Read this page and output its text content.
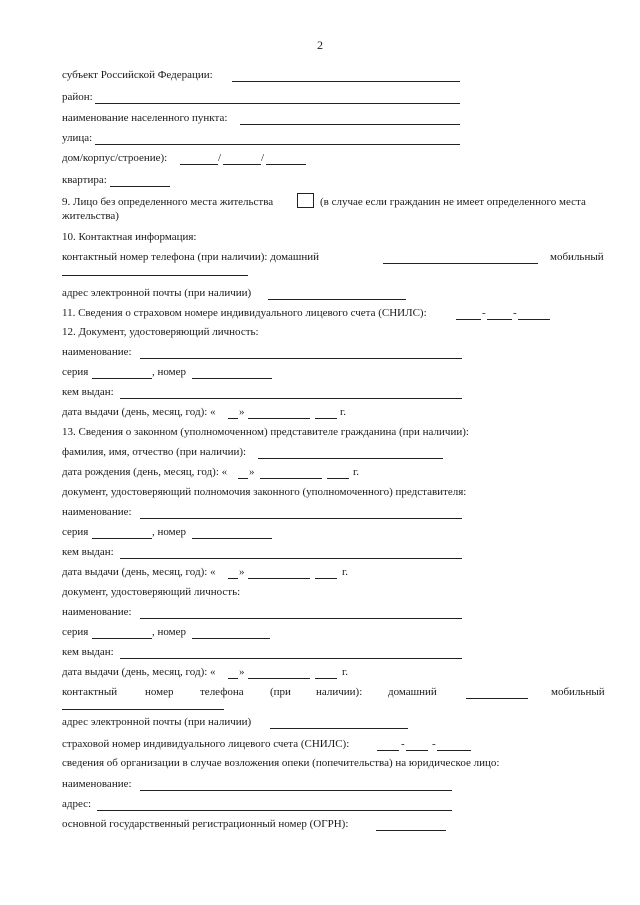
2
субъект Российской Федерации:
район:
наименование населенного пункта:
улица:
дом/корпус/строение):	/	/
квартира:
9. Лицо без определенного места жительства	(в случае если гражданин не имеет определенного места
жительства)
10. Контактная информация:
контактный номер телефона (при наличии): домашний	мобильный
адрес электронной почты (при наличии)
11. Сведения о страховом номере индивидуального лицевого счета (СНИЛС):	- -
12. Документ, удостоверяющий личность:
наименование:
серия	, номер
кем выдан:
дата выдачи (день, месяц, год): « »	г.
13. Сведения о законном (уполномоченном) представителе гражданина (при наличии):
фамилия, имя, отчество (при наличии):
дата рождения (день, месяц, год): « »	г.
документ, удостоверяющий полномочия законного (уполномоченного) представителя:
наименование:
серия	, номер
кем выдан:
дата выдачи (день, месяц, год): « »	г.
документ, удостоверяющий личность:
наименование:
серия	, номер
кем выдан:
дата выдачи (день, месяц, год): « »	г.
контактный	номер телефона (при наличии): домашний	мобильный
адрес электронной почты (при наличии)
страховой номер индивидуального лицевого счета (СНИЛС):	- -
сведения об организации в случае возложения опеки (попечительства) на юридическое лицо:
наименование:
адрес:
основной государственный регистрационный номер (ОГРН):
